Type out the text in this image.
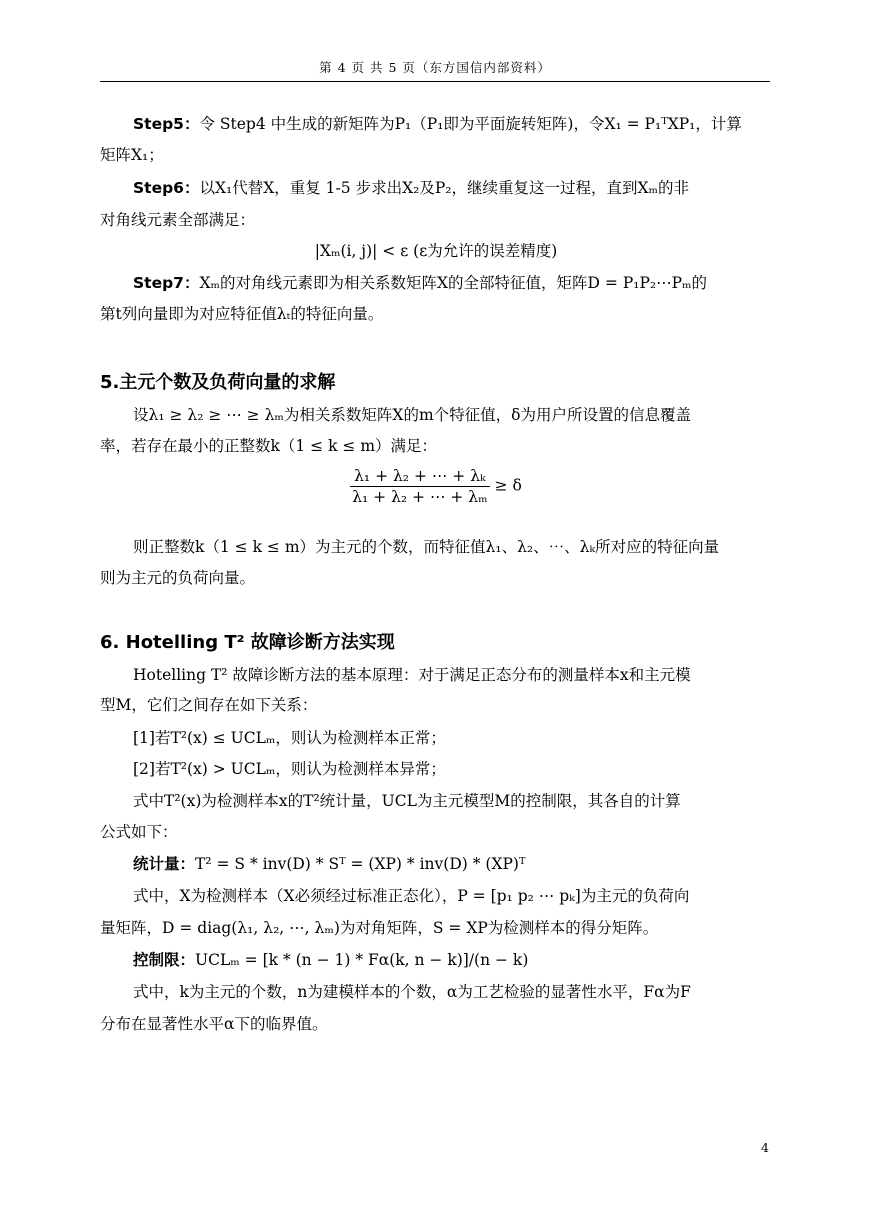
第 4 页 共 5 页（东方国信内部资料）
Step5：令 Step4 中生成的新矩阵为P₁（P₁即为平面旋转矩阵)，令X₁ = P₁ᵀXP₁，计算
矩阵X₁；
Step6：以X₁代替X，重复 1-5 步求出X₂及P₂，继续重复这一过程，直到Xₘ的非
对角线元素全部满足：
|Xₘ(i, j)| < ε (ε为允许的误差精度)
Step7：Xₘ的对角线元素即为相关系数矩阵X的全部特征值，矩阵D = P₁P₂⋯Pₘ的
第t列向量即为对应特征值λₜ的特征向量。
5.主元个数及负荷向量的求解
设λ₁ ≥ λ₂ ≥ ⋯ ≥ λₘ为相关系数矩阵X的m个特征值，δ为用户所设置的信息覆盖
率，若存在最小的正整数k（1 ≤ k ≤ m）满足：
$\frac{\text{λ₁ + λ₂ + ⋯ + λₖ}}{\text{λ₁ + λ₂ + ⋯ + λₘ}} \ge \delta$
则正整数k（1 ≤ k ≤ m）为主元的个数，而特征值λ₁、λ₂、⋯、λₖ所对应的特征向量
则为主元的负荷向量。
6. Hotelling T² 故障诊断方法实现
Hotelling T² 故障诊断方法的基本原理：对于满足正态分布的测量样本x和主元模
型M，它们之间存在如下关系：
[1]若T²(x) ≤ UCLₘ，则认为检测样本正常；
[2]若T²(x) > UCLₘ，则认为检测样本异常；
式中T²(x)为检测样本x的T²统计量，UCL为主元模型M的控制限，其各自的计算
公式如下：
统计量：T² = S * inv(D) * Sᵀ = (XP) * inv(D) * (XP)ᵀ
式中，X为检测样本（X必须经过标准正态化），P = [p₁ p₂ ⋯ pₖ]为主元的负荷向
量矩阵，D = diag(λ₁, λ₂, ⋯, λₘ)为对角矩阵，S = XP为检测样本的得分矩阵。
控制限：UCLₘ = [k * (n − 1) * Fα(k, n − k)]/(n − k)
式中，k为主元的个数，n为建模样本的个数，α为工艺检验的显著性水平，Fα为F
分布在显著性水平α下的临界值。
4
